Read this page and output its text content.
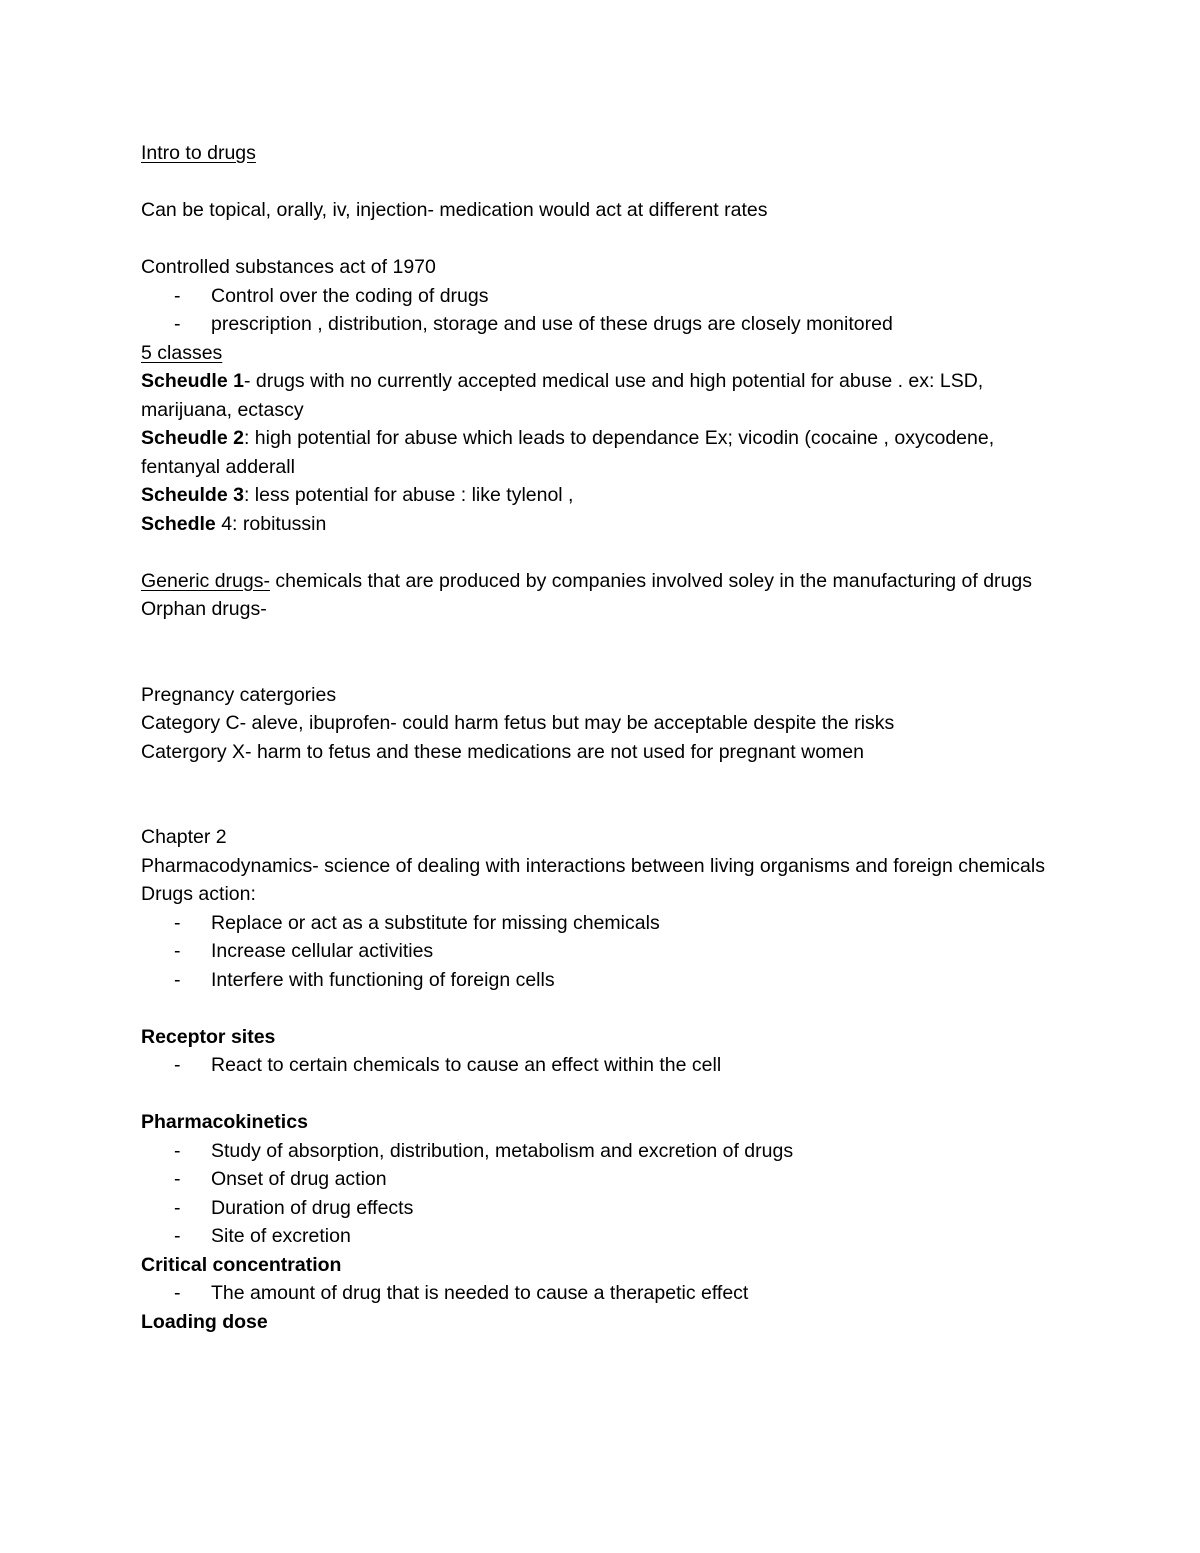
Intro to drugs
Can be topical, orally, iv, injection- medication would act at different rates
Controlled substances act of 1970
-	Control over the coding of drugs
-	prescription , distribution, storage and use of these drugs are closely monitored
5 classes
Scheudle 1- drugs with no currently accepted medical use and high potential for abuse . ex: LSD, marijuana, ectascy
Scheudle 2: high potential for abuse which leads to dependance Ex; vicodin (cocaine , oxycodene, fentanyal adderall
Scheulde 3: less potential for abuse : like tylenol ,
Schedle 4: robitussin
Generic drugs- chemicals that are produced by companies involved soley in the manufacturing of drugs
Orphan drugs-
Pregnancy catergories
Category C- aleve, ibuprofen- could harm fetus but may be acceptable despite the risks
Catergory X- harm to fetus and these medications are not used for pregnant women
Chapter 2
Pharmacodynamics- science of dealing with interactions between living organisms and foreign chemicals
Drugs action:
-	Replace or act as a substitute for missing chemicals
-	Increase cellular activities
-	Interfere with functioning of foreign cells
Receptor sites
-	React to certain chemicals to cause an effect within the cell
Pharmacokinetics
-	Study of absorption, distribution, metabolism and excretion of drugs
-	Onset of drug action
-	Duration of drug effects
-	Site of excretion
Critical concentration
-	The amount of drug that is needed to cause a therapetic effect
Loading dose
